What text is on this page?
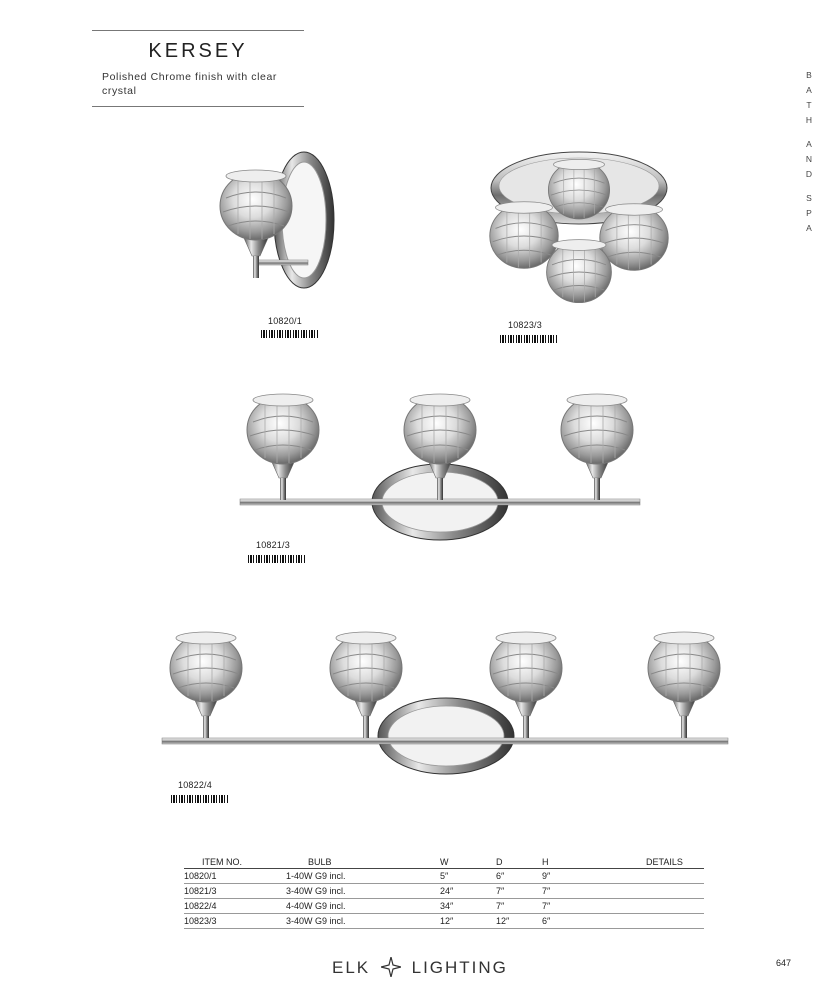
KERSEY
Polished Chrome finish with clear crystal
B
A
T
H
A
N
D
S
P
A
10820/1	10823/3
10821/3
10822/4
ITEM NO.	BULB	W	D	H	DETAILS
10820/1	1-40W G9 incl.	5″	6″	9″	
10821/3	3-40W G9 incl.	24″	7″	7″	
10822/4	4-40W G9 incl.	34″	7″	7″	
10823/3	3-40W G9 incl.	12″	12″	6″	
ELK LIGHTING	647
